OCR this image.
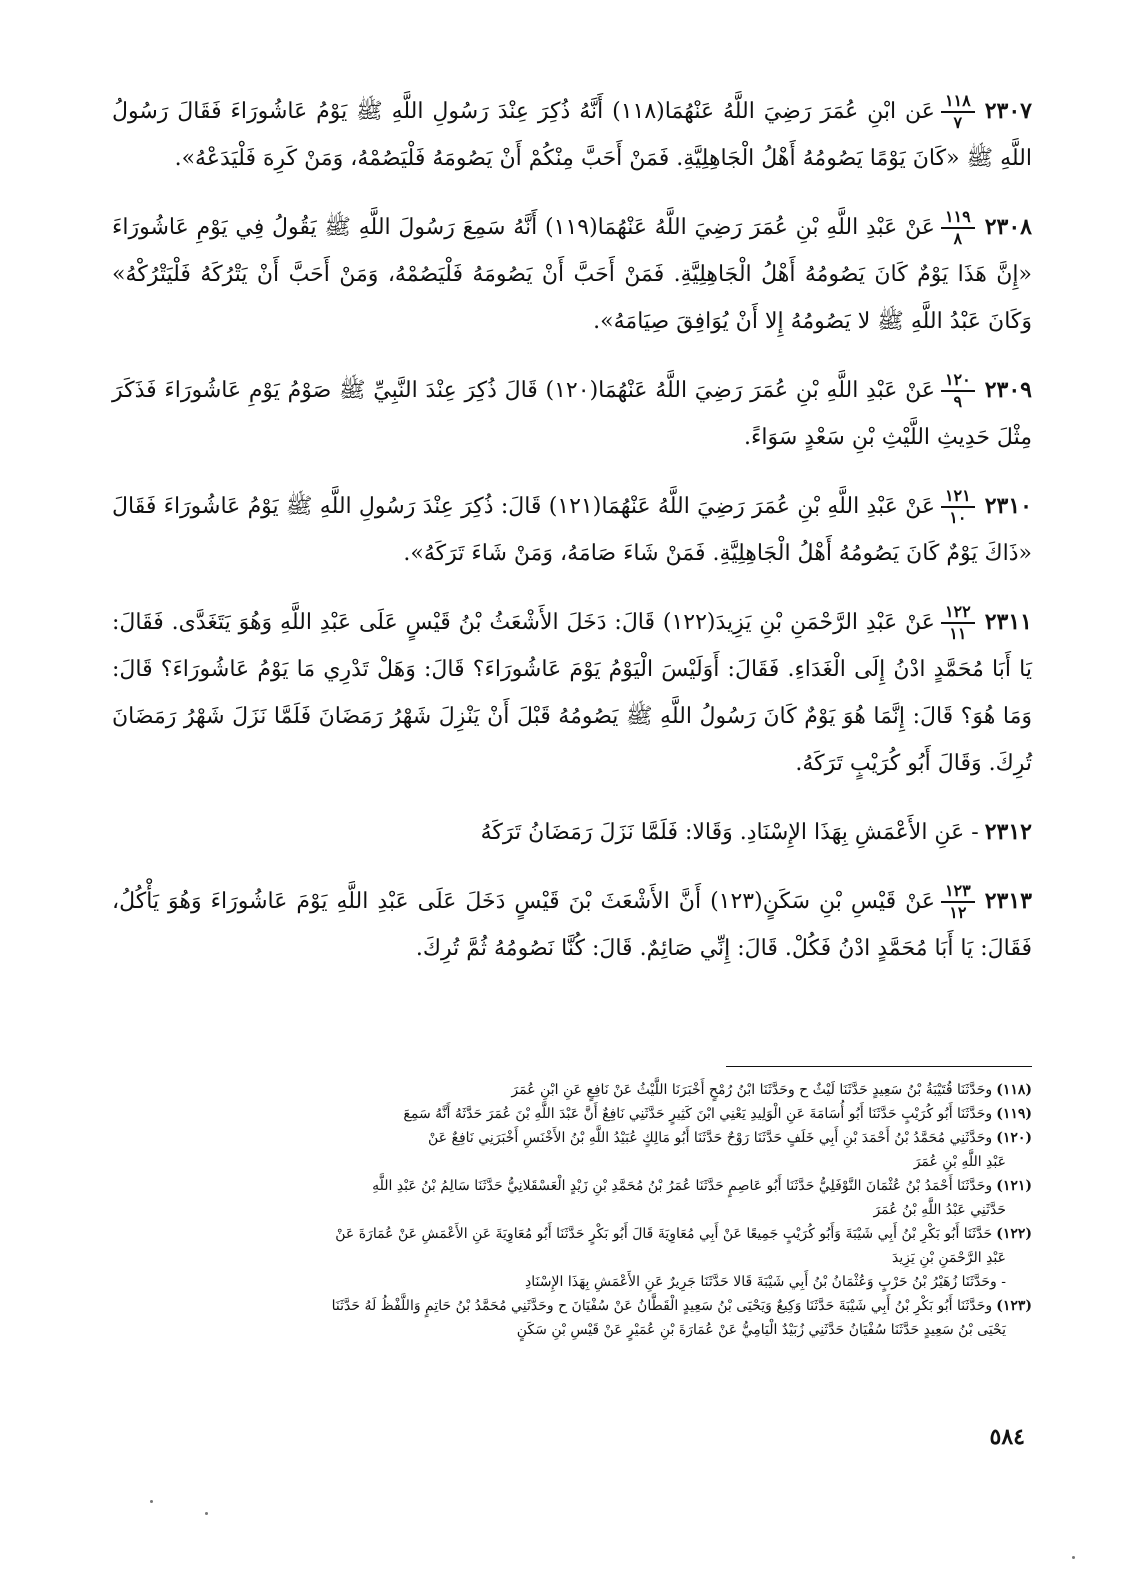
٢٣٠٧
$\frac{١١٨}{٧}$
عَن ابْنِ عُمَرَ رَضِيَ اللَّهُ عَنْهُمَا(١١٨) أَنَّهُ ذُكِرَ عِنْدَ رَسُولِ اللَّهِ ﷺ يَوْمُ عَاشُورَاءَ فَقَالَ رَسُولُ اللَّهِ ﷺ «كَانَ يَوْمًا يَصُومُهُ أَهْلُ الْجَاهِلِيَّةِ. فَمَنْ أَحَبَّ مِنْكُمْ أَنْ يَصُومَهُ فَلْيَصُمْهُ، وَمَنْ كَرِهَ فَلْيَدَعْهُ».

٢٣٠٨
$\frac{١١٩}{٨}$
عَنْ عَبْدِ اللَّهِ بْنِ عُمَرَ رَضِيَ اللَّهُ عَنْهُمَا(١١٩) أَنَّهُ سَمِعَ رَسُولَ اللَّهِ ﷺ يَقُولُ فِي يَوْمِ عَاشُورَاءَ «إِنَّ هَذَا يَوْمٌ كَانَ يَصُومُهُ أَهْلُ الْجَاهِلِيَّةِ. فَمَنْ أَحَبَّ أَنْ يَصُومَهُ فَلْيَصُمْهُ، وَمَنْ أَحَبَّ أَنْ يَتْرُكَهُ فَلْيَتْرُكْهُ» وَكَانَ عَبْدُ اللَّهِ ﷺ لا يَصُومُهُ إِلا أَنْ يُوَافِقَ صِيَامَهُ».

٢٣٠٩
$\frac{١٢٠}{٩}$
عَنْ عَبْدِ اللَّهِ بْنِ عُمَرَ رَضِيَ اللَّهُ عَنْهُمَا(١٢٠) قَالَ ذُكِرَ عِنْدَ النَّبِيِّ ﷺ صَوْمُ يَوْمِ عَاشُورَاءَ فَذَكَرَ مِثْلَ حَدِيثِ اللَّيْثِ بْنِ سَعْدٍ سَوَاءً.

٢٣١٠
$\frac{١٢١}{١٠}$
عَنْ عَبْدِ اللَّهِ بْنِ عُمَرَ رَضِيَ اللَّهُ عَنْهُمَا(١٢١) قَالَ: ذُكِرَ عِنْدَ رَسُولِ اللَّهِ ﷺ يَوْمُ عَاشُورَاءَ فَقَالَ «ذَاكَ يَوْمٌ كَانَ يَصُومُهُ أَهْلُ الْجَاهِلِيَّةِ. فَمَنْ شَاءَ صَامَهُ، وَمَنْ شَاءَ تَرَكَهُ».

٢٣١١
$\frac{١٢٢}{١١}$
عَنْ عَبْدِ الرَّحْمَنِ بْنِ يَزِيدَ(١٢٢) قَالَ: دَخَلَ الأَشْعَثُ بْنُ قَيْسٍ عَلَى عَبْدِ اللَّهِ وَهُوَ يَتَغَدَّى. فَقَالَ: يَا أَبَا مُحَمَّدٍ ادْنُ إِلَى الْغَدَاءِ. فَقَالَ: أَوَلَيْسَ الْيَوْمُ يَوْمَ عَاشُورَاءَ؟ قَالَ: وَهَلْ تَدْرِي مَا يَوْمُ عَاشُورَاءَ؟ قَالَ: وَمَا هُوَ؟ قَالَ: إِنَّمَا هُوَ يَوْمٌ كَانَ رَسُولُ اللَّهِ ﷺ يَصُومُهُ قَبْلَ أَنْ يَنْزِلَ شَهْرُ رَمَضَانَ فَلَمَّا نَزَلَ شَهْرُ رَمَضَانَ تُرِكَ. وَقَالَ أَبُو كُرَيْبٍ تَرَكَهُ.

٢٣١٢- عَنِ الأَعْمَشِ بِهَذَا الإِسْنَادِ. وَقَالا: فَلَمَّا نَزَلَ رَمَضَانُ تَرَكَهُ

٢٣١٣
$\frac{١٢٣}{١٢}$
عَنْ قَيْسِ بْنِ سَكَنٍ(١٢٣) أَنَّ الأَشْعَثَ بْنَ قَيْسٍ دَخَلَ عَلَى عَبْدِ اللَّهِ يَوْمَ عَاشُورَاءَ وَهُوَ يَأْكُلُ، فَقَالَ: يَا أَبَا مُحَمَّدٍ ادْنُ فَكُلْ. قَالَ: إِنِّي صَائِمٌ. قَالَ: كُنَّا نَصُومُهُ ثُمَّ تُرِكَ.

(١١٨)وحَدَّثَنَا قُتَيْبَةُ بْنُ سَعِيدٍ حَدَّثَنَا لَيْثٌ ح وحَدَّثَنَا ابْنُ رُمْحٍ أَخْبَرَنَا اللَّيْثُ عَنْ نَافِعٍ عَنِ ابْنِ عُمَرَ

(١١٩)وحَدَّثَنَا أَبُو كُرَيْبٍ حَدَّثَنَا أَبُو أُسَامَةَ عَنِ الْوَلِيدِ يَعْنِي ابْنَ كَثِيرٍ حَدَّثَنِي نَافِعٌ أَنَّ عَبْدَ اللَّهِ بْنَ عُمَرَ حَدَّثَهُ أَنَّهُ سَمِعَ

(١٢٠)وحَدَّثَنِي مُحَمَّدُ بْنُ أَحْمَدَ بْنِ أَبِي خَلَفٍ حَدَّثَنَا رَوْحٌ حَدَّثَنَا أَبُو مَالِكٍ عُبَيْدُ اللَّهِ بْنُ الأَخْنَسِ أَخْبَرَنِي نَافِعٌ عَنْ

عَبْدِ اللَّهِ بْنِ عُمَرَ

(١٢١)وحَدَّثَنَا أَحْمَدُ بْنُ عُثْمَانَ النَّوْفَلِيُّ حَدَّثَنَا أَبُو عَاصِمٍ حَدَّثَنَا عُمَرُ بْنُ مُحَمَّدِ بْنِ زَيْدٍ الْعَسْقَلانِيُّ حَدَّثَنَا سَالِمُ بْنُ عَبْدِ اللَّهِ

حَدَّثَنِي عَبْدُ اللَّهِ بْنُ عُمَرَ

(١٢٢)حَدَّثَنَا أَبُو بَكْرِ بْنُ أَبِي شَيْبَةَ وَأَبُو كُرَيْبٍ جَمِيعًا عَنْ أَبِي مُعَاوِيَةَ قَالَ أَبُو بَكْرٍ حَدَّثَنَا أَبُو مُعَاوِيَةَ عَنِ الأَعْمَشِ عَنْ عُمَارَةَ عَنْ

عَبْدِ الرَّحْمَنِ بْنِ يَزِيدَ

- وحَدَّثَنَا زُهَيْرُ بْنُ حَرْبٍ وَعُثْمَانُ بْنُ أَبِي شَيْبَةَ قَالا حَدَّثَنَا جَرِيرٌ عَنِ الأَعْمَشِ بِهَذَا الإِسْنَادِ

(١٢٣)وحَدَّثَنَا أَبُو بَكْرِ بْنُ أَبِي شَيْبَةَ حَدَّثَنَا وَكِيعٌ وَيَحْيَى بْنُ سَعِيدٍ الْقَطَّانُ عَنْ سُفْيَانَ ح وحَدَّثَنِي مُحَمَّدُ بْنُ حَاتِمٍ وَاللَّفْظُ لَهُ حَدَّثَنَا

يَحْيَى بْنُ سَعِيدٍ حَدَّثَنَا سُفْيَانُ حَدَّثَنِي زُبَيْدٌ الْيَامِيُّ عَنْ عُمَارَةَ بْنِ عُمَيْرٍ عَنْ قَيْسِ بْنِ سَكَنٍ

٥٨٤
